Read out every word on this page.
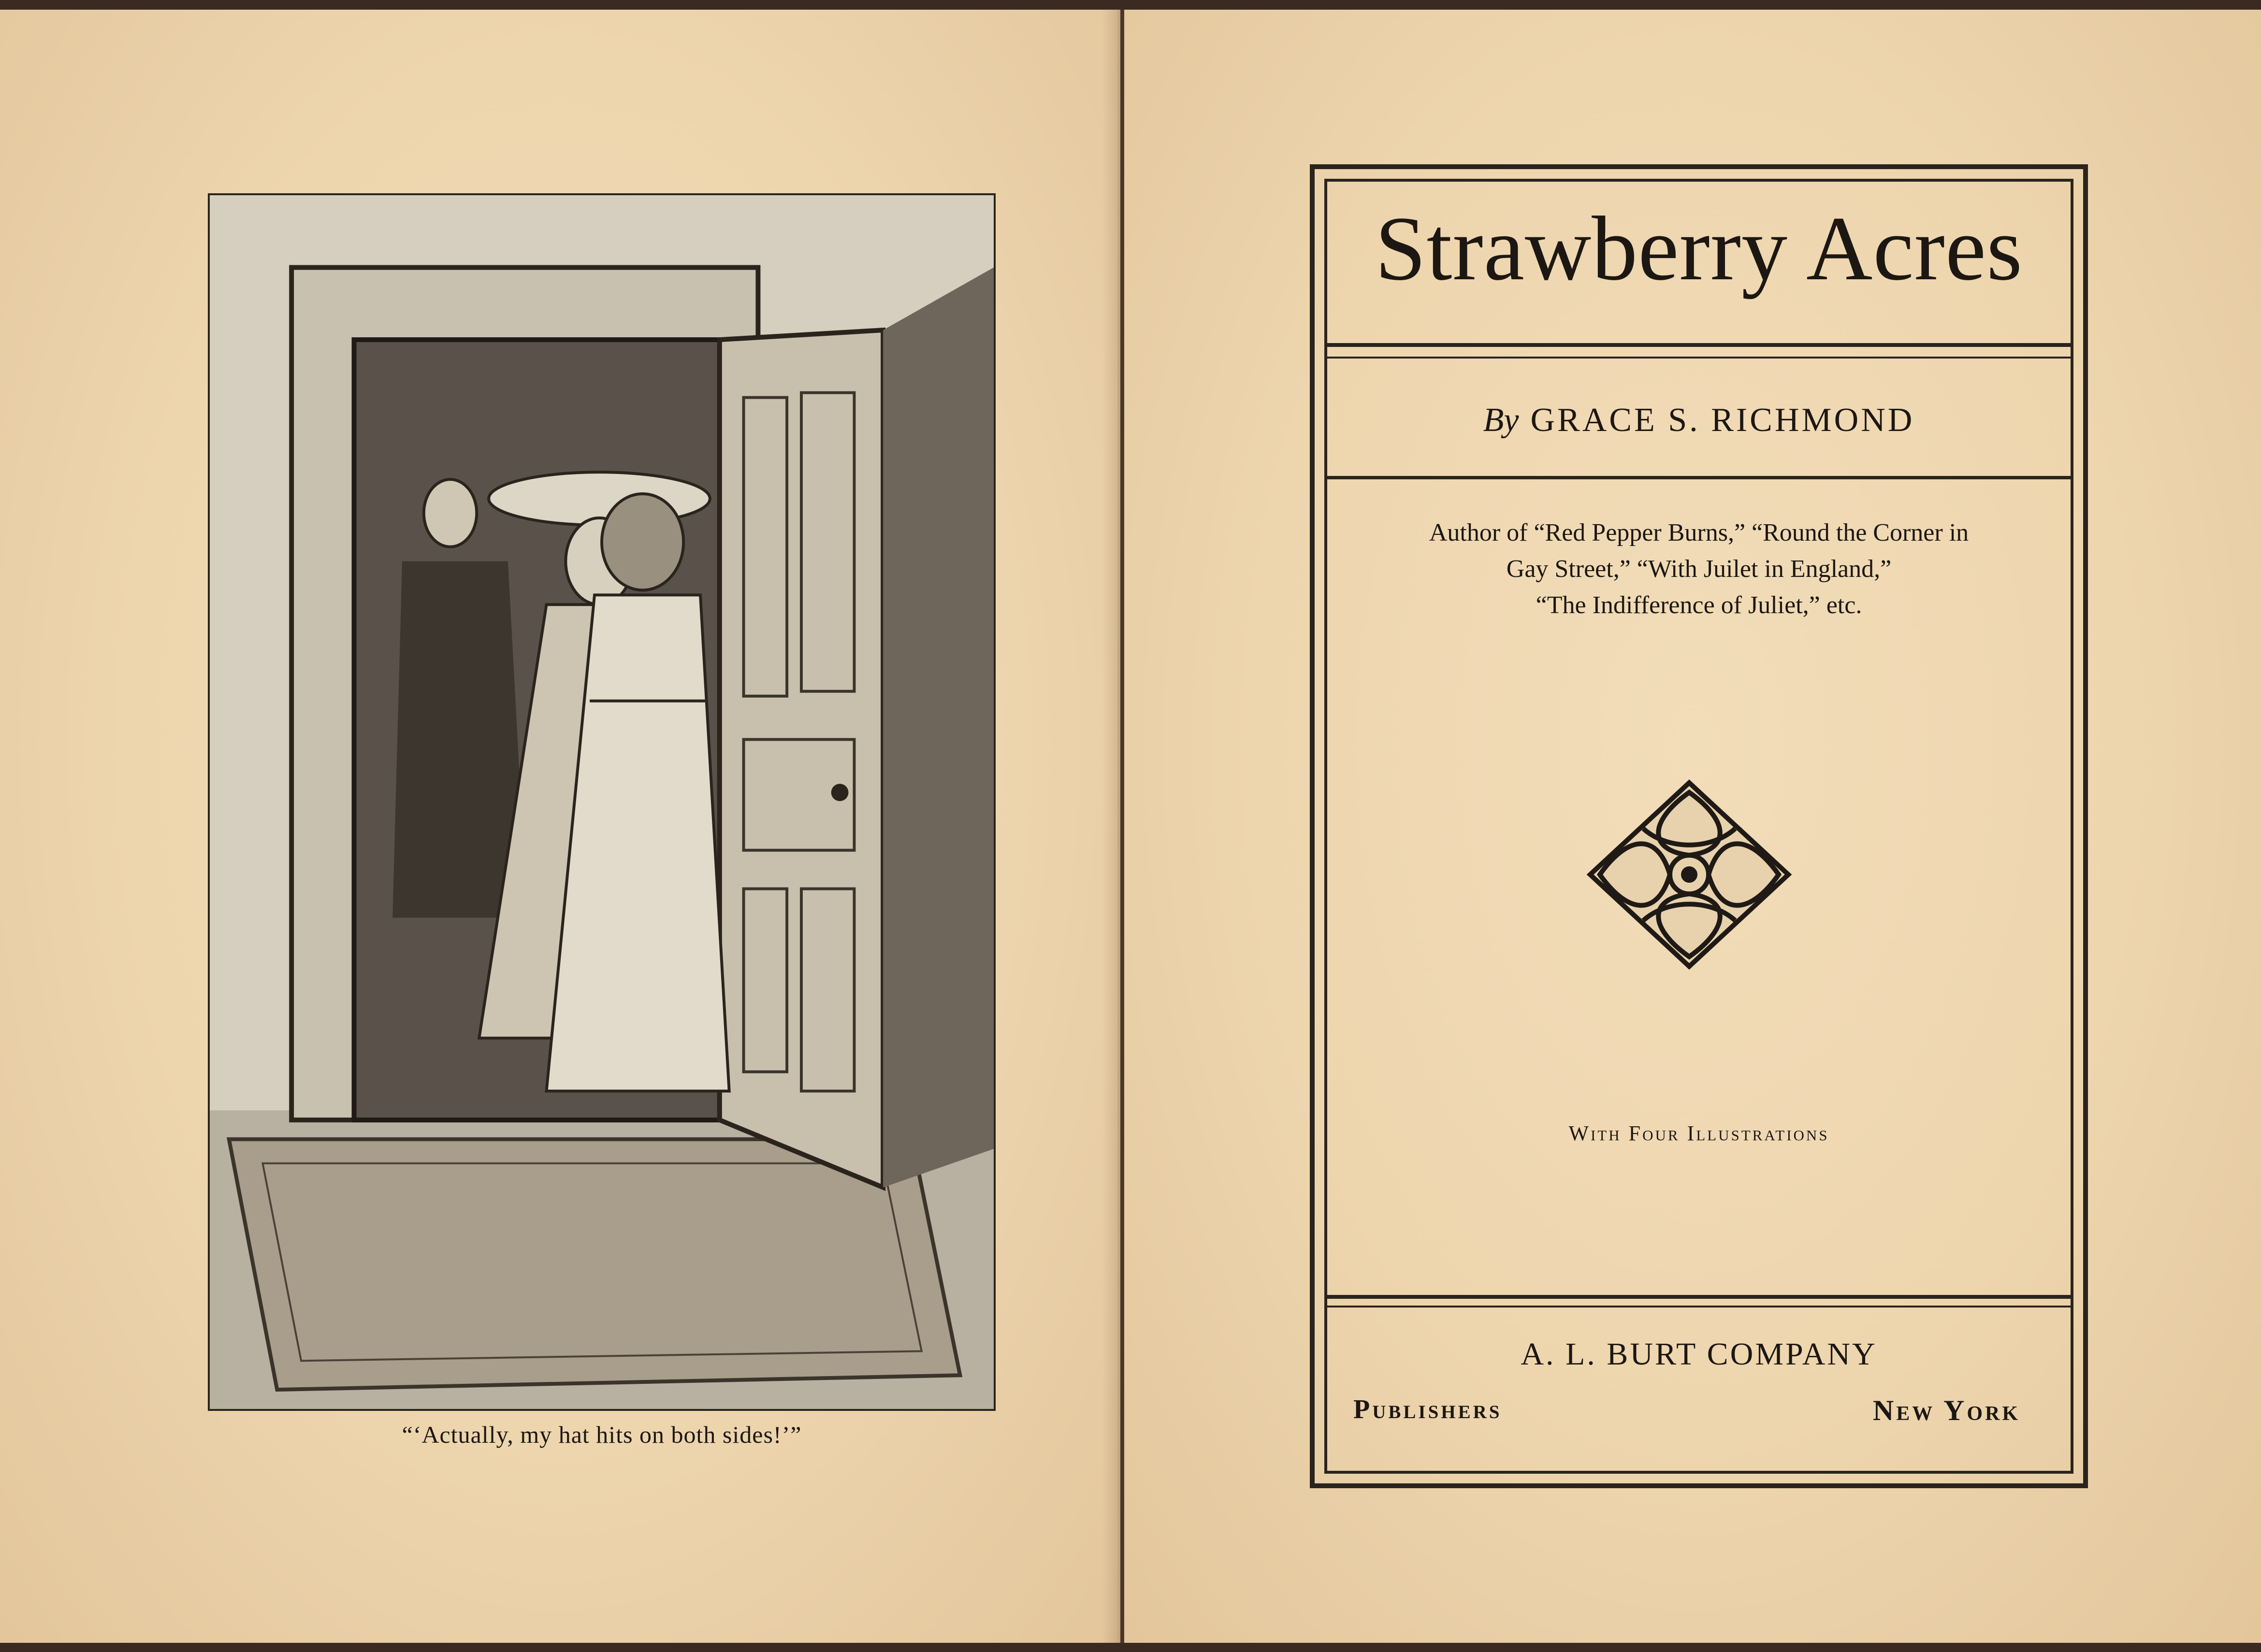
“‘Actually, my hat hits on both sides!’”
Strawberry Acres
By GRACE S. RICHMOND
Author of “Red Pepper Burns,” “Round the Corner in
Gay Street,” “With Juilet in England,”
“The Indifference of Juliet,” etc.
With Four Illustrations
A. L. BURT COMPANY
Publishers	New York
